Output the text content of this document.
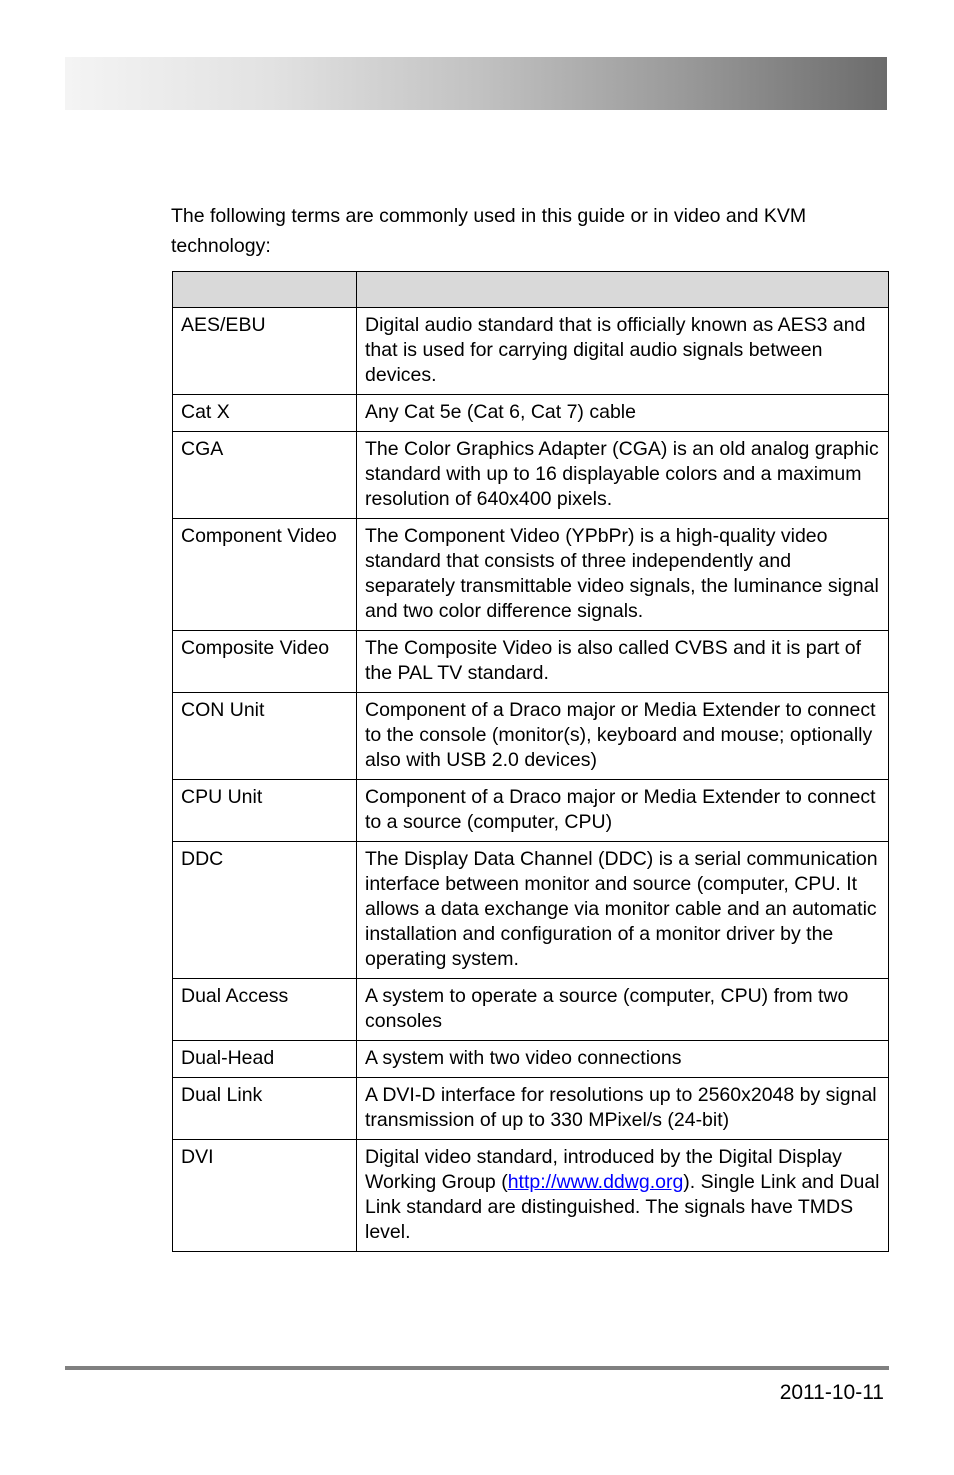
The following terms are commonly used in this guide or in video and KVM technology:

AES/EBU	Digital audio standard that is officially known as AES3 and that is used for carrying digital audio signals between devices.
Cat X	Any Cat 5e (Cat 6, Cat 7) cable
CGA	The Color Graphics Adapter (CGA) is an old analog graphic standard with up to 16 displayable colors and a maximum resolution of 640x400 pixels.
Component Video	The Component Video (YPbPr) is a high-quality video standard that consists of three independently and separately transmittable video signals, the luminance signal and two color difference signals.
Composite Video	The Composite Video is also called CVBS and it is part of the PAL TV standard.
CON Unit	Component of a Draco major or Media Extender to connect to the console (monitor(s), keyboard and mouse; optionally also with USB 2.0 devices)
CPU Unit	Component of a Draco major or Media Extender to connect to a source (computer, CPU)
DDC	The Display Data Channel (DDC) is a serial communication interface between monitor and source (computer, CPU. It allows a data exchange via monitor cable and an automatic installation and configuration of a monitor driver by the operating system.
Dual Access	A system to operate a source (computer, CPU) from two consoles
Dual-Head	A system with two video connections
Dual Link	A DVI-D interface for resolutions up to 2560x2048 by signal transmission of up to 330 MPixel/s (24-bit)
DVI	Digital video standard, introduced by the Digital Display Working Group (http://www.ddwg.org). Single Link and Dual Link standard are distinguished. The signals have TMDS level.
2011-10-11
